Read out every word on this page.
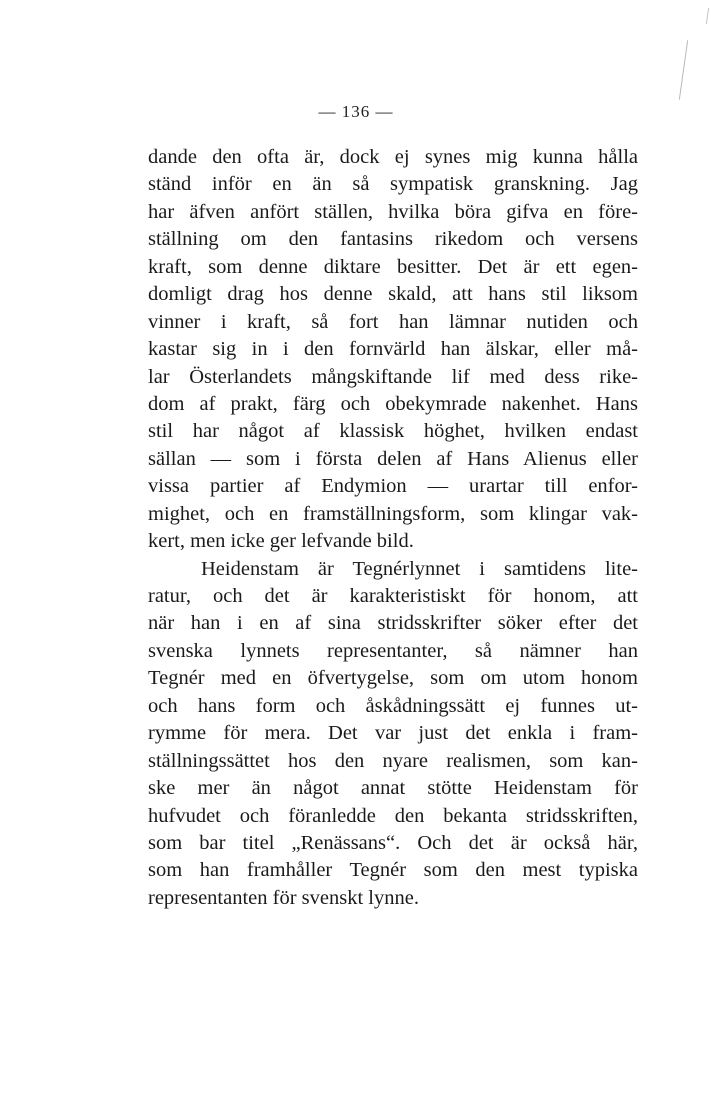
— 136 —
dande den ofta är, dock ej synes mig kunna hålla
ständ inför en än så sympatisk granskning. Jag
har äfven anfört ställen, hvilka böra gifva en före-
ställning om den fantasins rikedom och versens
kraft, som denne diktare besitter. Det är ett egen-
domligt drag hos denne skald, att hans stil liksom
vinner i kraft, så fort han lämnar nutiden och
kastar sig in i den fornvärld han älskar, eller må-
lar Österlandets mångskiftande lif med dess rike-
dom af prakt, färg och obekymrade nakenhet. Hans
stil har något af klassisk höghet, hvilken endast
sällan — som i första delen af Hans Alienus eller
vissa partier af Endymion — urartar till enfor-
mighet, och en framställningsform, som klingar vak-
kert, men icke ger lefvande bild.
Heidenstam är Tegnérlynnet i samtidens lite-
ratur, och det är karakteristiskt för honom, att
när han i en af sina stridsskrifter söker efter det
svenska lynnets representanter, så nämner han
Tegnér med en öfvertygelse, som om utom honom
och hans form och åskådningssätt ej funnes ut-
rymme för mera. Det var just det enkla i fram-
ställningssättet hos den nyare realismen, som kan-
ske mer än något annat stötte Heidenstam för
hufvudet och föranledde den bekanta stridsskriften,
som bar titel „Renässans“. Och det är också här,
som han framhåller Tegnér som den mest typiska
representanten för svenskt lynne.
